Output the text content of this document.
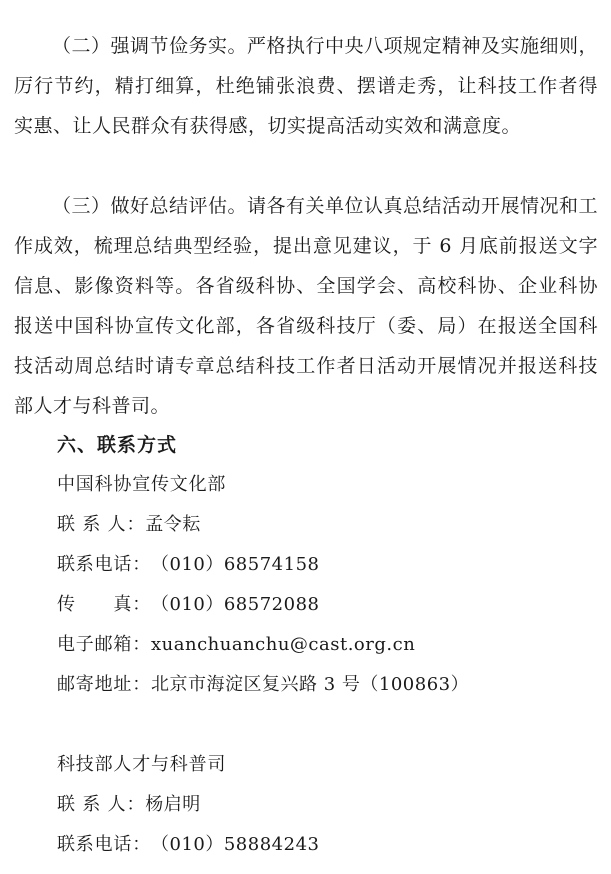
（二）强调节俭务实。严格执行中央八项规定精神及实施细则，厉行节约，精打细算，杜绝铺张浪费、摆谱走秀，让科技工作者得实惠、让人民群众有获得感，切实提高活动实效和满意度。

（三）做好总结评估。请各有关单位认真总结活动开展情况和工作成效，梳理总结典型经验，提出意见建议，于 6 月底前报送文字信息、影像资料等。各省级科协、全国学会、高校科协、企业科协报送中国科协宣传文化部，各省级科技厅（委、局）在报送全国科技活动周总结时请专章总结科技工作者日活动开展情况并报送科技部人才与科普司。

六、联系方式

中国科协宣传文化部

联 系 人：孟令耘

联系电话：（010）68574158

传　　真：（010）68572088

电子邮箱：xuanchuanchu@cast.org.cn

邮寄地址：北京市海淀区复兴路 3 号（100863）

科技部人才与科普司

联 系 人：杨启明

联系电话：（010）58884243
